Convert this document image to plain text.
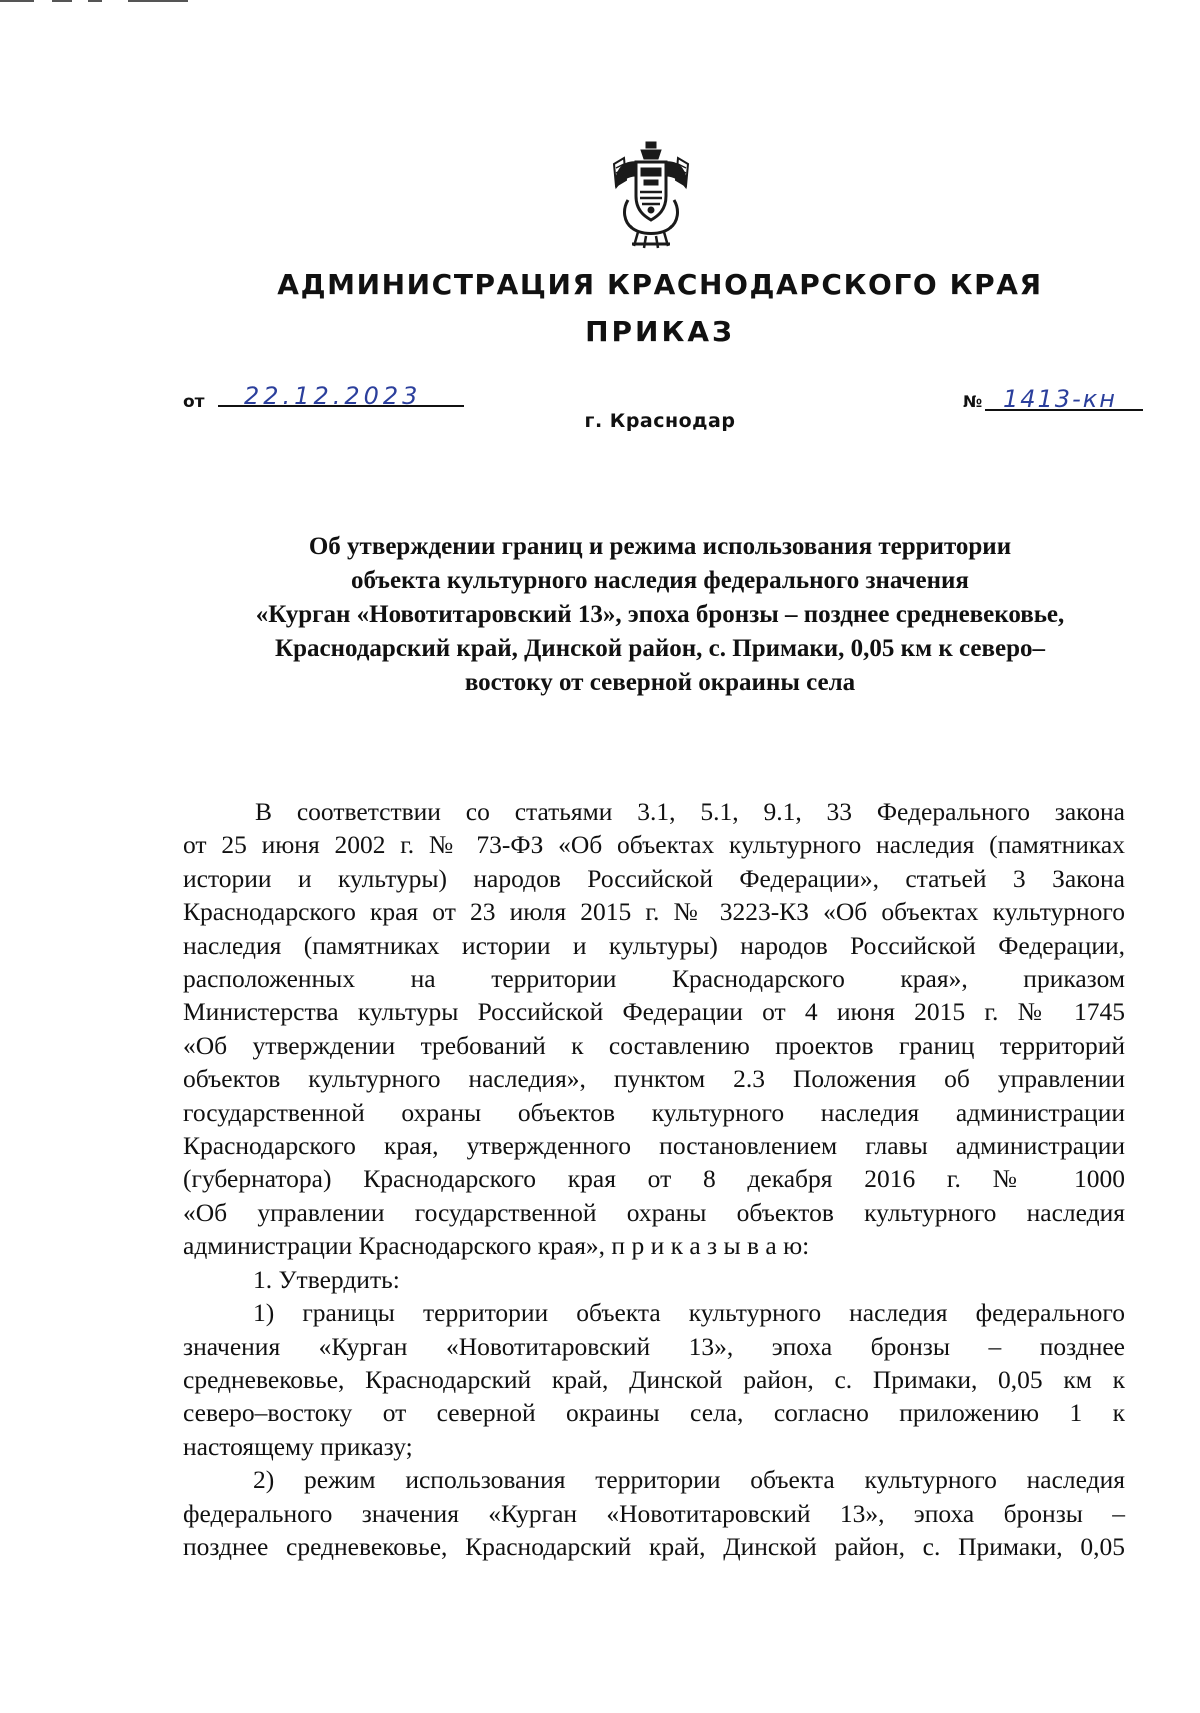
АДМИНИСТРАЦИЯ КРАСНОДАРСКОГО КРАЯ
ПРИКАЗ
от 22.12.2023	№ 1413-кн
г. Краснодар
Об утверждении границ и режима использования территории
объекта культурного наследия федерального значения
«Курган «Новотитаровский 13», эпоха бронзы – позднее средневековье,
Краснодарский край, Динской район, с. Примаки, 0,05 км к северо–
востоку от северной окраины села
В соответствии со статьями 3.1, 5.1, 9.1, 33 Федерального закона
от 25 июня 2002 г. № 73-ФЗ «Об объектах культурного наследия (памятниках
истории и культуры) народов Российской Федерации», статьей 3 Закона
Краснодарского края от 23 июля 2015 г. № 3223-КЗ «Об объектах культурного
наследия (памятниках истории и культуры) народов Российской Федерации,
расположенных на территории Краснодарского края», приказом
Министерства культуры Российской Федерации от 4 июня 2015 г. № 1745
«Об утверждении требований к составлению проектов границ территорий
объектов культурного наследия», пунктом 2.3 Положения об управлении
государственной охраны объектов культурного наследия администрации
Краснодарского края, утвержденного постановлением главы администрации
(губернатора) Краснодарского края от 8 декабря 2016 г. № 1000
«Об управлении государственной охраны объектов культурного наследия
администрации Краснодарского края», п р и к а з ы в а ю:
1. Утвердить:
1) границы территории объекта культурного наследия федерального
значения «Курган «Новотитаровский 13», эпоха бронзы – позднее
средневековье, Краснодарский край, Динской район, с. Примаки, 0,05 км к
северо–востоку от северной окраины села, согласно приложению 1 к
настоящему приказу;
2) режим использования территории объекта культурного наследия
федерального значения «Курган «Новотитаровский 13», эпоха бронзы –
позднее средневековье, Краснодарский край, Динской район, с. Примаки, 0,05
